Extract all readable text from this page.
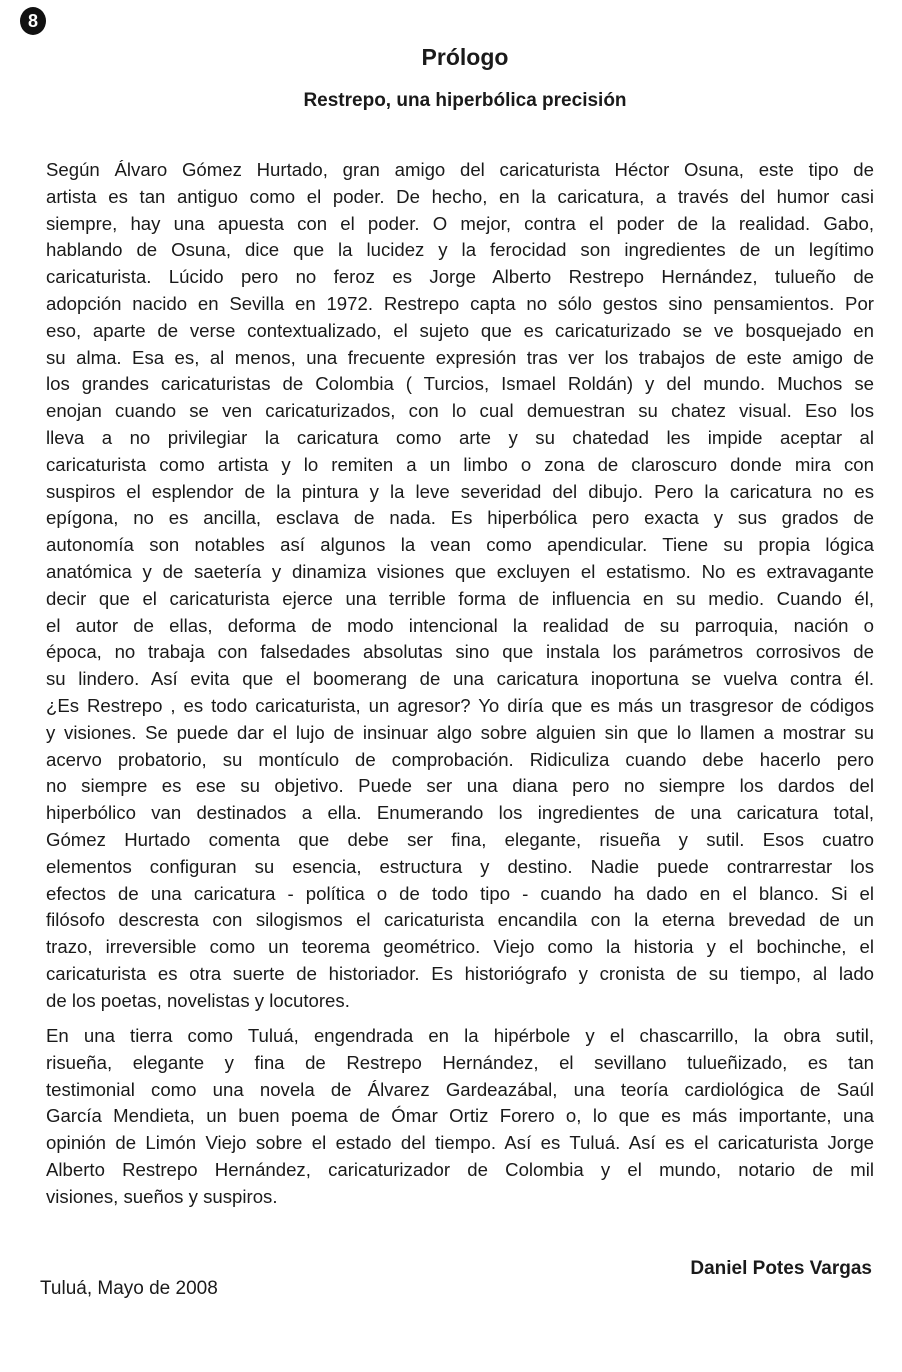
8
Prólogo
Restrepo, una hiperbólica precisión
Según Álvaro Gómez Hurtado, gran amigo del caricaturista Héctor Osuna, este tipo de
artista es tan antiguo como el poder. De hecho, en la caricatura, a través del humor casi
siempre, hay una apuesta con el poder. O mejor, contra el poder de la realidad. Gabo,
hablando de Osuna, dice que la lucidez y la ferocidad son ingredientes de un legítimo
caricaturista. Lúcido pero no feroz es Jorge Alberto Restrepo Hernández, tulueño de
adopción nacido en Sevilla en 1972. Restrepo capta no sólo gestos sino pensamientos. Por
eso, aparte de verse contextualizado, el sujeto que es caricaturizado se ve bosquejado en
su alma. Esa es, al menos, una frecuente expresión tras ver los trabajos de este amigo de
los grandes caricaturistas de Colombia ( Turcios, Ismael Roldán) y del mundo. Muchos se
enojan cuando se ven caricaturizados, con lo cual demuestran su chatez visual. Eso los
lleva a no privilegiar la caricatura como arte y su chatedad les impide aceptar al
caricaturista como artista y lo remiten a un limbo o zona de claroscuro donde mira con
suspiros el esplendor de la pintura y la leve severidad del dibujo. Pero la caricatura no es
epígona, no es ancilla, esclava de nada. Es hiperbólica pero exacta y sus grados de
autonomía son notables así algunos la vean como apendicular. Tiene su propia lógica
anatómica y de saetería y dinamiza visiones que excluyen el estatismo. No es extravagante
decir que el caricaturista ejerce una terrible forma de influencia en su medio. Cuando él,
el autor de ellas, deforma de modo intencional la realidad de su parroquia, nación o
época, no trabaja con falsedades absolutas sino que instala los parámetros corrosivos de
su lindero. Así evita que el boomerang de una caricatura inoportuna se vuelva contra él.
¿Es Restrepo , es todo caricaturista, un agresor? Yo diría que es más un trasgresor de códigos
y visiones. Se puede dar el lujo de insinuar algo sobre alguien sin que lo llamen a mostrar su
acervo probatorio, su montículo de comprobación. Ridiculiza cuando debe hacerlo pero
no siempre es ese su objetivo. Puede ser una diana pero no siempre los dardos del
hiperbólico van destinados a ella. Enumerando los ingredientes de una caricatura total,
Gómez Hurtado comenta que debe ser fina, elegante, risueña y sutil. Esos cuatro
elementos configuran su esencia, estructura y destino. Nadie puede contrarrestar los
efectos de una caricatura - política o de todo tipo - cuando ha dado en el blanco. Si el
filósofo descresta con silogismos el caricaturista encandila con la eterna brevedad de un
trazo, irreversible como un teorema geométrico. Viejo como la historia y el bochinche, el
caricaturista es otra suerte de historiador. Es historiógrafo y cronista de su tiempo, al lado
de los poetas, novelistas y locutores.
En una tierra como Tuluá, engendrada en la hipérbole y el chascarrillo, la obra sutil,
risueña, elegante y fina de Restrepo Hernández, el sevillano tulueñizado, es tan
testimonial como una novela de Álvarez Gardeazábal, una teoría cardiológica de Saúl
García Mendieta, un buen poema de Ómar Ortiz Forero o, lo que es más importante, una
opinión de Limón Viejo sobre el estado del tiempo. Así es Tuluá. Así es el caricaturista Jorge
Alberto Restrepo Hernández, caricaturizador de Colombia y el mundo, notario de mil
visiones, sueños y suspiros.
Daniel Potes Vargas
Tuluá, Mayo de 2008
